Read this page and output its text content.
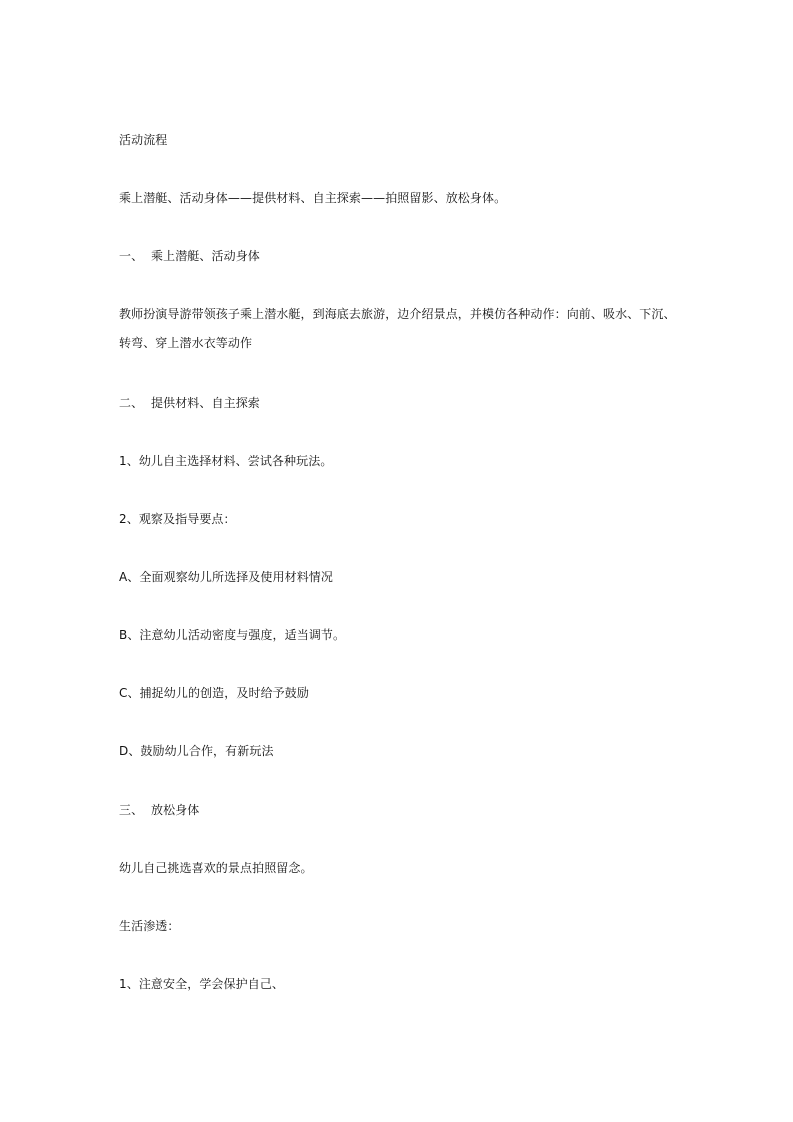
活动流程
乘上潜艇、活动身体——提供材料、自主探索——拍照留影、放松身体。
一、 乘上潜艇、活动身体
教师扮演导游带领孩子乘上潜水艇，到海底去旅游，边介绍景点，并模仿各种动作：向前、吸水、下沉、转弯、穿上潜水衣等动作
二、 提供材料、自主探索
1、幼儿自主选择材料、尝试各种玩法。
2、观察及指导要点：
A、全面观察幼儿所选择及使用材料情况
B、注意幼儿活动密度与强度，适当调节。
C、捕捉幼儿的创造，及时给予鼓励
D、鼓励幼儿合作，有新玩法
三、 放松身体
幼儿自己挑选喜欢的景点拍照留念。
生活渗透：
1、注意安全，学会保护自己、
